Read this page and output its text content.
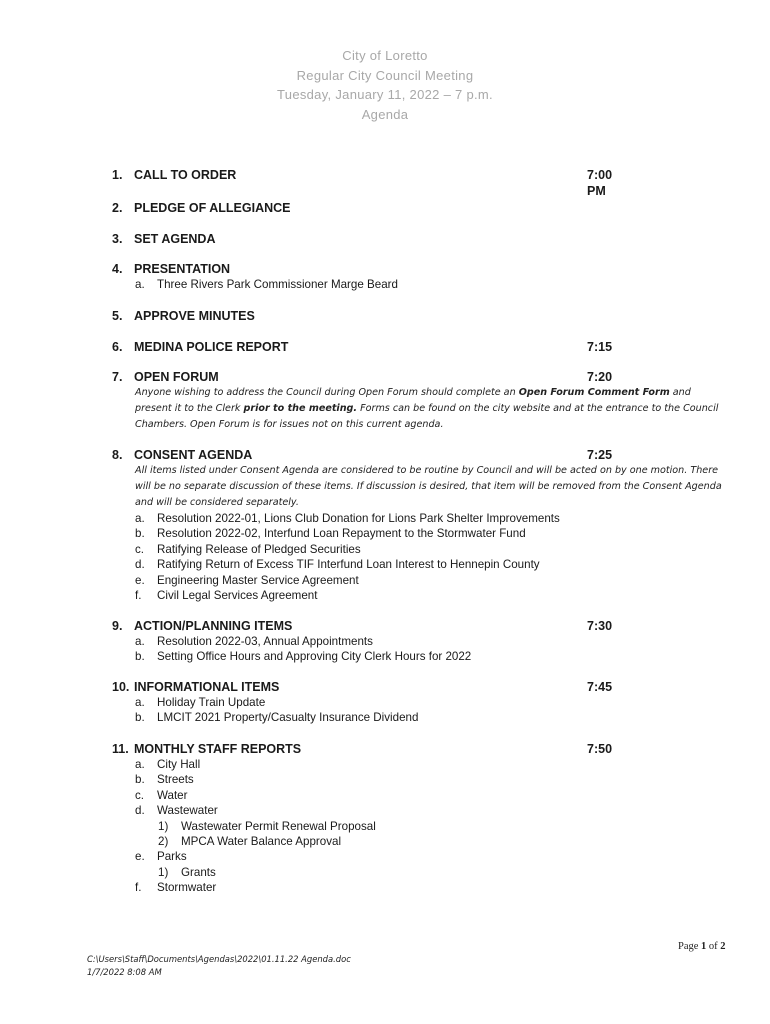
City of Loretto
Regular City Council Meeting
Tuesday, January 11, 2022 – 7 p.m.
Agenda
1. CALL TO ORDER	7:00 PM
2. PLEDGE OF ALLEGIANCE
3. SET AGENDA
4. PRESENTATION
a. Three Rivers Park Commissioner Marge Beard
5. APPROVE MINUTES
6. MEDINA POLICE REPORT	7:15
7. OPEN FORUM	7:20
Anyone wishing to address the Council during Open Forum should complete an Open Forum Comment Form and present it to the Clerk prior to the meeting. Forms can be found on the city website and at the entrance to the Council Chambers. Open Forum is for issues not on this current agenda.
8. CONSENT AGENDA	7:25
All items listed under Consent Agenda are considered to be routine by Council and will be acted on by one motion. There will be no separate discussion of these items. If discussion is desired, that item will be removed from the Consent Agenda and will be considered separately.
a. Resolution 2022-01, Lions Club Donation for Lions Park Shelter Improvements
b. Resolution 2022-02, Interfund Loan Repayment to the Stormwater Fund
c. Ratifying Release of Pledged Securities
d. Ratifying Return of Excess TIF Interfund Loan Interest to Hennepin County
e. Engineering Master Service Agreement
f. Civil Legal Services Agreement
9. ACTION/PLANNING ITEMS	7:30
a. Resolution 2022-03, Annual Appointments
b. Setting Office Hours and Approving City Clerk Hours for 2022
10. INFORMATIONAL ITEMS	7:45
a. Holiday Train Update
b. LMCIT 2021 Property/Casualty Insurance Dividend
11. MONTHLY STAFF REPORTS	7:50
a. City Hall
b. Streets
c. Water
d. Wastewater
1) Wastewater Permit Renewal Proposal
2) MPCA Water Balance Approval
e. Parks
1) Grants
f. Stormwater
Page 1 of 2
C:\Users\Staff\Documents\Agendas\2022\01.11.22 Agenda.doc
1/7/2022 8:08 AM
